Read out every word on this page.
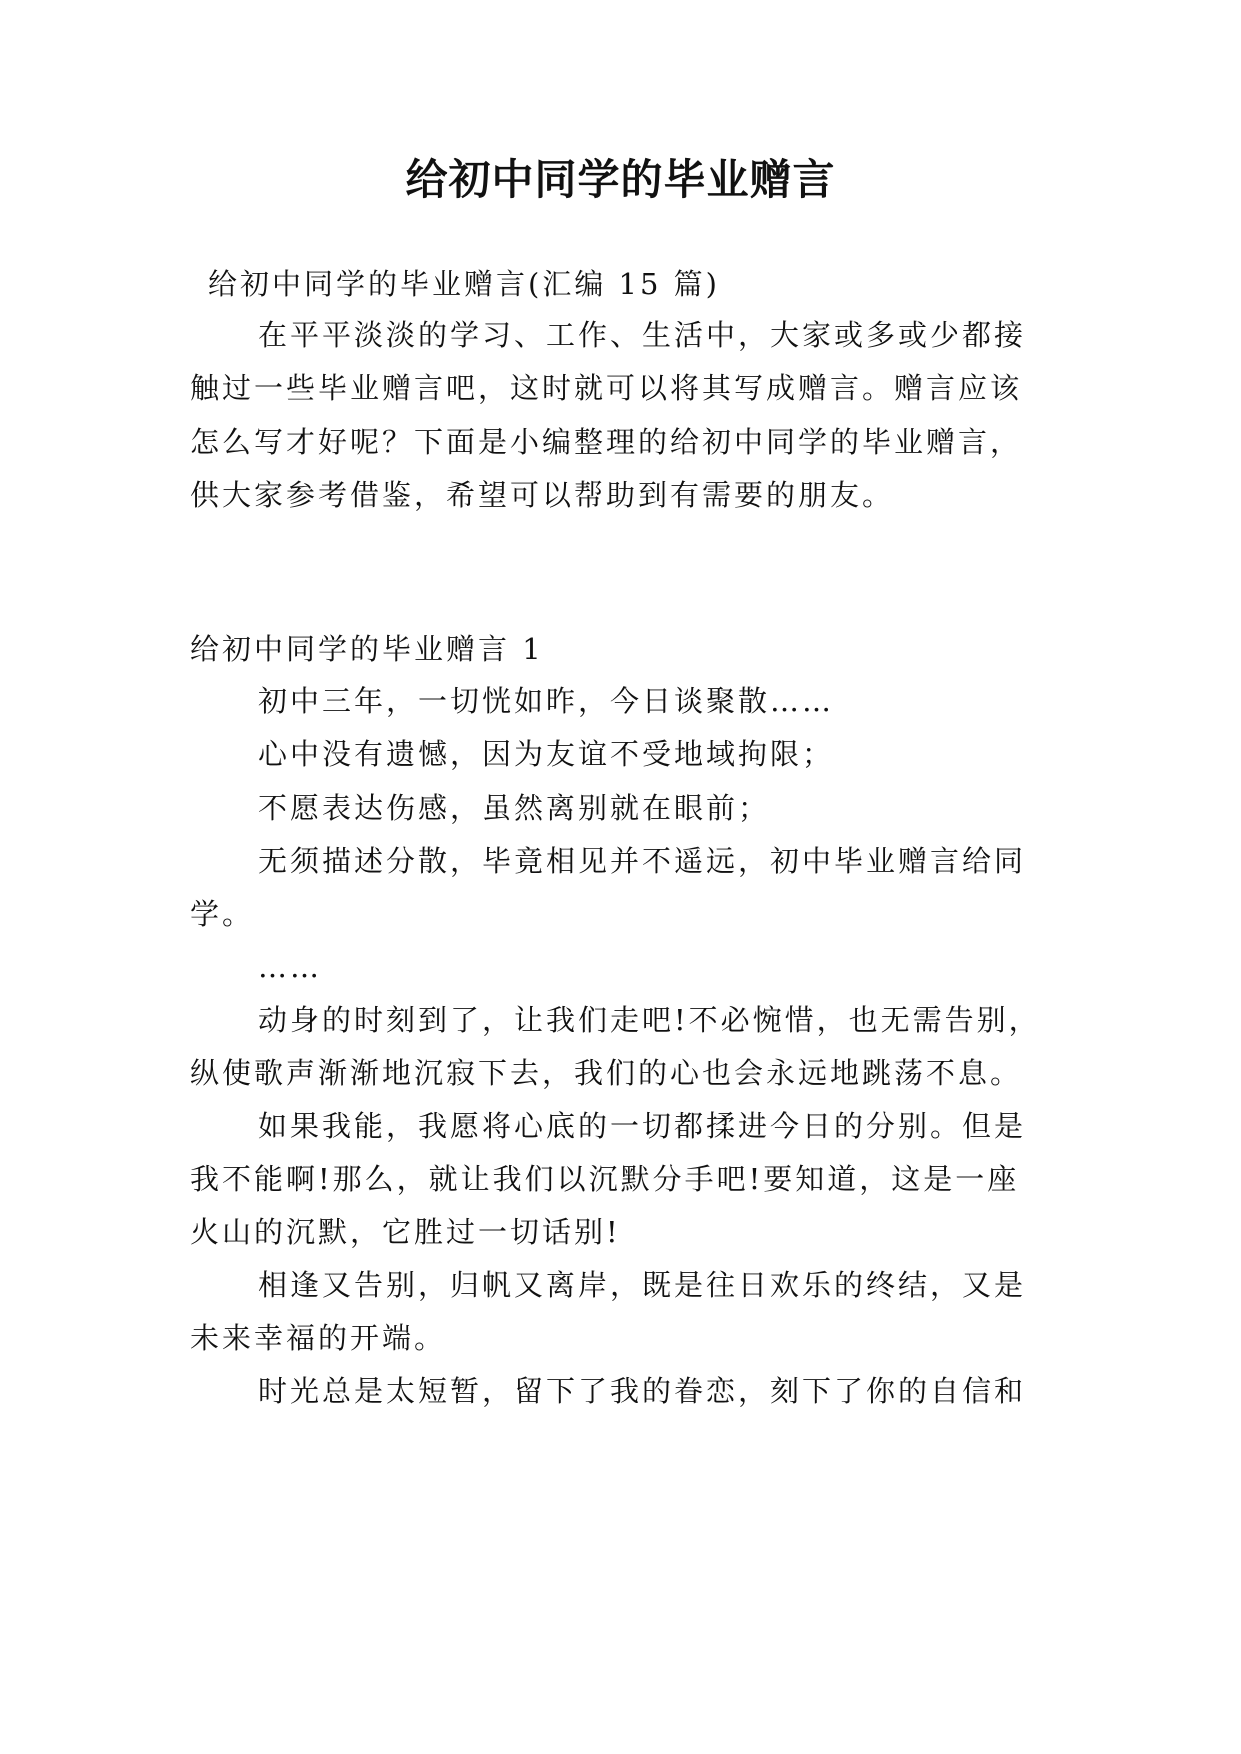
给初中同学的毕业赠言
给初中同学的毕业赠言(汇编 15 篇)
在平平淡淡的学习、工作、生活中，大家或多或少都接
触过一些毕业赠言吧，这时就可以将其写成赠言。赠言应该
怎么写才好呢？下面是小编整理的给初中同学的毕业赠言，
供大家参考借鉴，希望可以帮助到有需要的朋友。
给初中同学的毕业赠言 1
初中三年，一切恍如昨，今日谈聚散……
心中没有遗憾，因为友谊不受地域拘限；
不愿表达伤感，虽然离别就在眼前；
无须描述分散，毕竟相见并不遥远，初中毕业赠言给同
学。
……
动身的时刻到了，让我们走吧!不必惋惜，也无需告别，
纵使歌声渐渐地沉寂下去，我们的心也会永远地跳荡不息。
如果我能，我愿将心底的一切都揉进今日的分别。但是
我不能啊!那么，就让我们以沉默分手吧!要知道，这是一座
火山的沉默，它胜过一切话别!
相逢又告别，归帆又离岸，既是往日欢乐的终结，又是
未来幸福的开端。
时光总是太短暂，留下了我的眷恋，刻下了你的自信和
